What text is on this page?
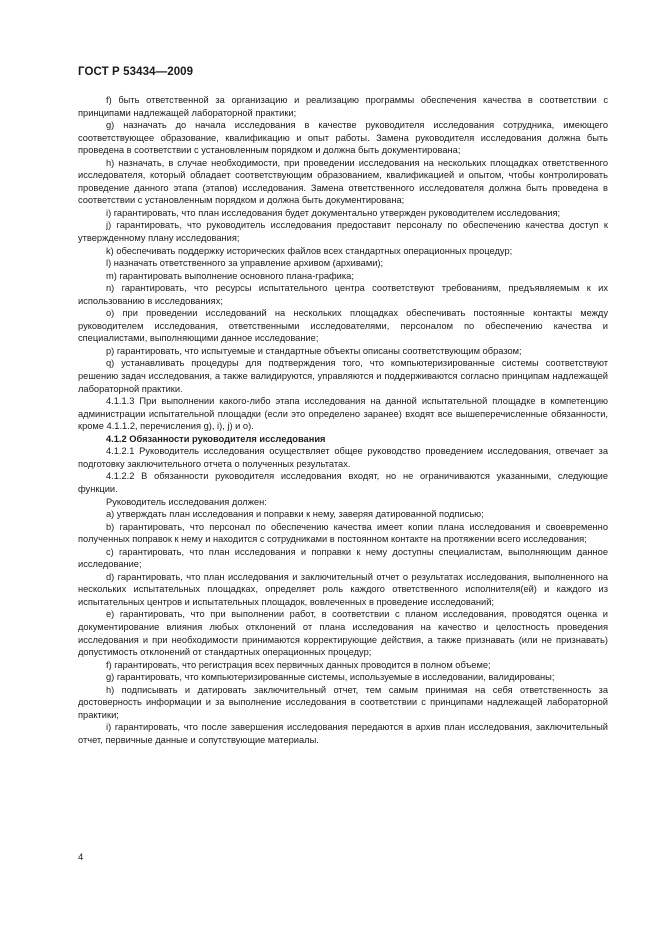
ГОСТ Р 53434—2009

f) быть ответственной за организацию и реализацию программы обеспечения качества в соответствии с принципами надлежащей лабораторной практики;

g) назначать до начала исследования в качестве руководителя исследования сотрудника, имеющего соответствующее образование, квалификацию и опыт работы. Замена руководителя исследования должна быть проведена в соответствии с установленным порядком и должна быть документирована;

h) назначать, в случае необходимости, при проведении исследования на нескольких площадках ответственного исследователя, который обладает соответствующим образованием, квалификацией и опытом, чтобы контролировать проведение данного этапа (этапов) исследования. Замена ответственного исследователя должна быть проведена в соответствии с установленным порядком и должна быть документирована;

i) гарантировать, что план исследования будет документально утвержден руководителем исследования;

j) гарантировать, что руководитель исследования предоставит персоналу по обеспечению качества доступ к утвержденному плану исследования;

k) обеспечивать поддержку исторических файлов всех стандартных операционных процедур;

l) назначать ответственного за управление архивом (архивами);

m) гарантировать выполнение основного плана-графика;

n) гарантировать, что ресурсы испытательного центра соответствуют требованиям, предъявляемым к их использованию в исследованиях;

o) при проведении исследований на нескольких площадках обеспечивать постоянные контакты между руководителем исследования, ответственными исследователями, персоналом по обеспечению качества и специалистами, выполняющими данное исследование;

p) гарантировать, что испытуемые и стандартные объекты описаны соответствующим образом;

q) устанавливать процедуры для подтверждения того, что компьютеризированные системы соответствуют решению задач исследования, а также валидируются, управляются и поддерживаются согласно принципам надлежащей лабораторной практики.

4.1.1.3 При выполнении какого-либо этапа исследования на данной испытательной площадке в компетенцию администрации испытательной площадки (если это определено заранее) входят все вышеперечисленные обязанности, кроме 4.1.1.2, перечисления g), i), j) и o).

4.1.2 Обязанности руководителя исследования

4.1.2.1 Руководитель исследования осуществляет общее руководство проведением исследования, отвечает за подготовку заключительного отчета о полученных результатах.

4.1.2.2 В обязанности руководителя исследования входят, но не ограничиваются указанными, следующие функции.

Руководитель исследования должен:

a) утверждать план исследования и поправки к нему, заверяя датированной подписью;

b) гарантировать, что персонал по обеспечению качества имеет копии плана исследования и своевременно полученных поправок к нему и находится с сотрудниками в постоянном контакте на протяжении всего исследования;

c) гарантировать, что план исследования и поправки к нему доступны специалистам, выполняющим данное исследование;

d) гарантировать, что план исследования и заключительный отчет о результатах исследования, выполненного на нескольких испытательных площадках, определяет роль каждого ответственного исполнителя(ей) и каждого из испытательных центров и испытательных площадок, вовлеченных в проведение исследований;

e) гарантировать, что при выполнении работ, в соответствии с планом исследования, проводятся оценка и документирование влияния любых отклонений от плана исследования на качество и целостность проведения исследования и при необходимости принимаются корректирующие действия, а также признавать (или не признавать) допустимость отклонений от стандартных операционных процедур;

f) гарантировать, что регистрация всех первичных данных проводится в полном объеме;

g) гарантировать, что компьютеризированные системы, используемые в исследовании, валидированы;

h) подписывать и датировать заключительный отчет, тем самым принимая на себя ответственность за достоверность информации и за выполнение исследования в соответствии с принципами надлежащей лабораторной практики;

i) гарантировать, что после завершения исследования передаются в архив план исследования, заключительный отчет, первичные данные и сопутствующие материалы.

4
